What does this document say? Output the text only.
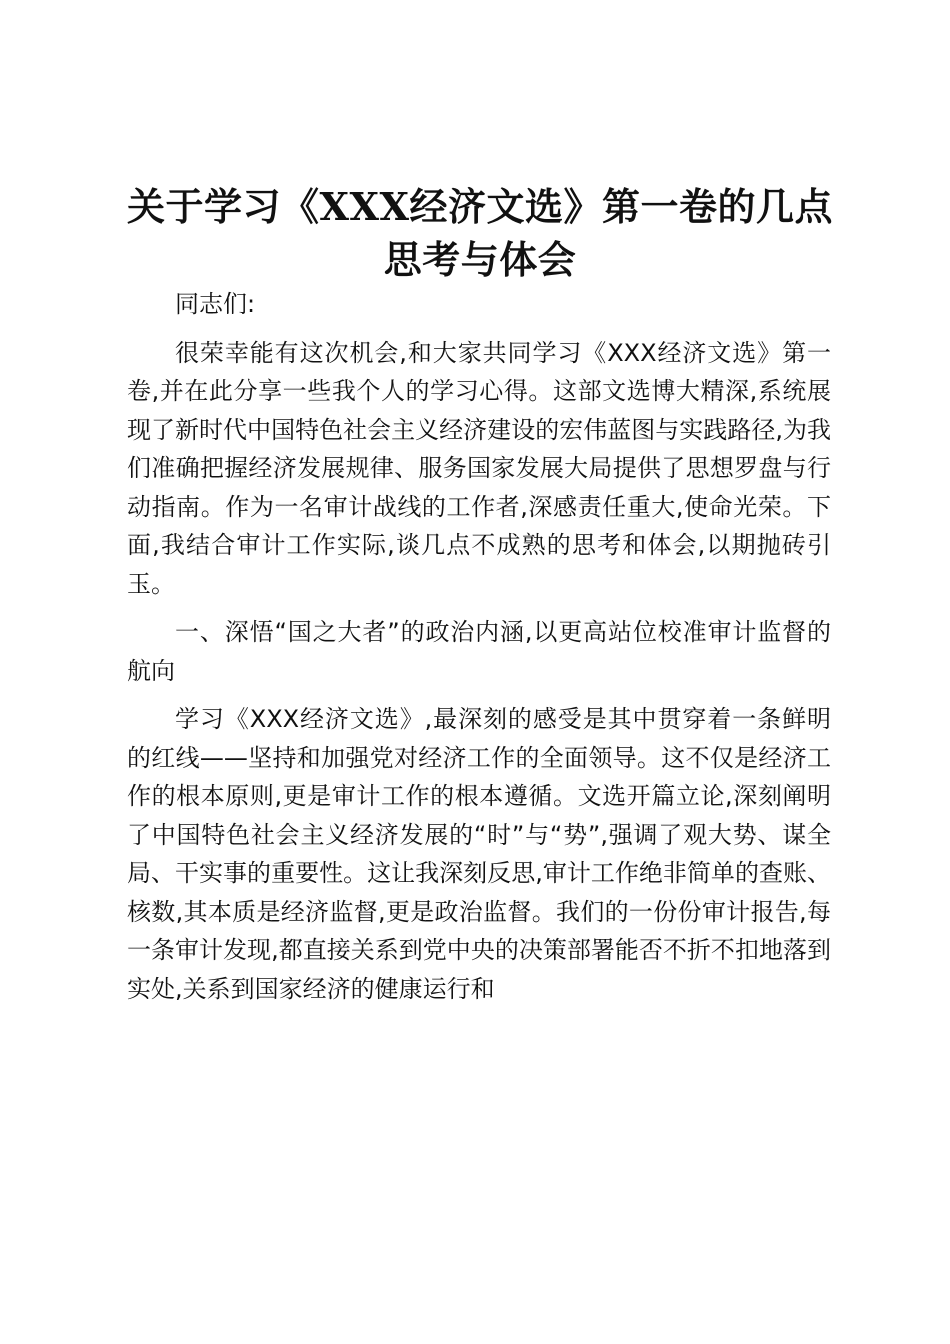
关于学习《XXX经济文选》第一卷的几点思考与体会

同志们:

很荣幸能有这次机会,和大家共同学习《XXX经济文选》第一卷,并在此分享一些我个人的学习心得。这部文选博大精深,系统展现了新时代中国特色社会主义经济建设的宏伟蓝图与实践路径,为我们准确把握经济发展规律、服务国家发展大局提供了思想罗盘与行动指南。作为一名审计战线的工作者,深感责任重大,使命光荣。下面,我结合审计工作实际,谈几点不成熟的思考和体会,以期抛砖引玉。

一、深悟“国之大者”的政治内涵,以更高站位校准审计监督的航向

学习《XXX经济文选》,最深刻的感受是其中贯穿着一条鲜明的红线——坚持和加强党对经济工作的全面领导。这不仅是经济工作的根本原则,更是审计工作的根本遵循。文选开篇立论,深刻阐明了中国特色社会主义经济发展的“时”与“势”,强调了观大势、谋全局、干实事的重要性。这让我深刻反思,审计工作绝非简单的查账、核数,其本质是经济监督,更是政治监督。我们的一份份审计报告,每一条审计发现,都直接关系到党中央的决策部署能否不折不扣地落到实处,关系到国家经济的健康运行和
